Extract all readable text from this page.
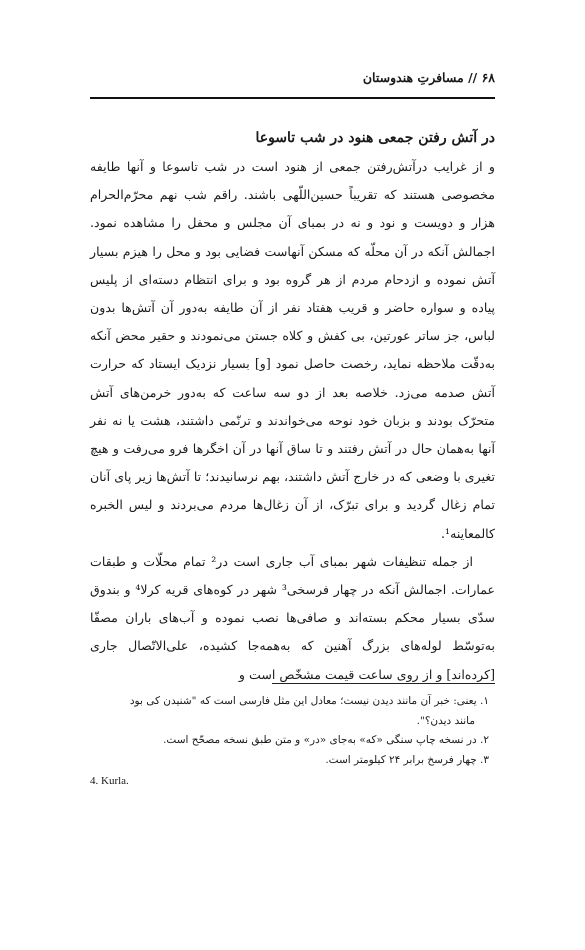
۶۸ // مسافرتِ هندوستان
در آتش رفتن جمعی هنود در شب تاسوعا

و از غرایب درآتش‌رفتن جمعی از هنود است در شب تاسوعا و آنها طایفه مخصوصی هستند که تقریباً حسین‌اللّهی باشند. راقم شب نهم محرّم‌الحرام هزار و دویست و نود و نه در بمبای آن مجلس و محفل را مشاهده نمود. اجمالش آنکه در آن محلّه که مسکن آنهاست فضایی بود و محل را هیزم بسیار آتش نموده و ازدحام مردم از هر گروه بود و برای انتظام دسته‌ای از پلیس پیاده و سواره حاضر و قریب هفتاد نفر از آن طایفه به‌دور آن آتش‌ها بدون لباس، جز ساتر عورتین، بی کفش و کلاه جستن می‌نمودند و حقیر محض آنکه به‌دقّت ملاحظه نماید، رخصت حاصل نمود [و] بسیار نزدیک ایستاد که حرارت آتش صدمه می‌زد. خلاصه بعد از دو سه ساعت که به‌دور خرمن‌های آتش متحرّک بودند و بزبان خود نوحه می‌خواندند و ترنّمی داشتند، هشت یا نه نفر آنها به‌همان حال در آتش رفتند و تا ساق آنها در آن اخگرها فرو می‌رفت و هیچ تغیری با وضعی که در خارج آتش داشتند، بهم نرسانیدند؛ تا آتش‌ها زیر پای آنان تمام زغال گردید و برای تبرّک، از آن زغال‌ها مردم می‌بردند و لیس الخبره کالمعاینه¹.

از جمله تنظیفات شهر بمبای آب جاری است در² تمام محلّات و طبقات عمارات. اجمالش آنکه در چهار فرسخی³ شهر در کوه‌های قریه کرلا⁴ و بندوق سدّی بسیار محکم بسته‌اند و صافی‌ها نصب نموده و آب‌های باران مصفّا به‌توسّط لوله‌های بزرگ آهنین که به‌همه‌جا کشیده، علی‌الاتّصال جاری [کرده‌اند] و از روی ساعت قیمت مشخّص است و

۱. یعنی: خبر آن مانند دیدن نیست؛ معادل این مثل فارسی است که "شنیدن کی بود

مانند دیدن؟".

۲. در نسخه چاپ سنگی «که» به‌جای «در» و متن طبق نسخه مصحّح است.

۳. چهار فرسخ برابر ۲۴ کیلومتر است.

4. Kurla.
